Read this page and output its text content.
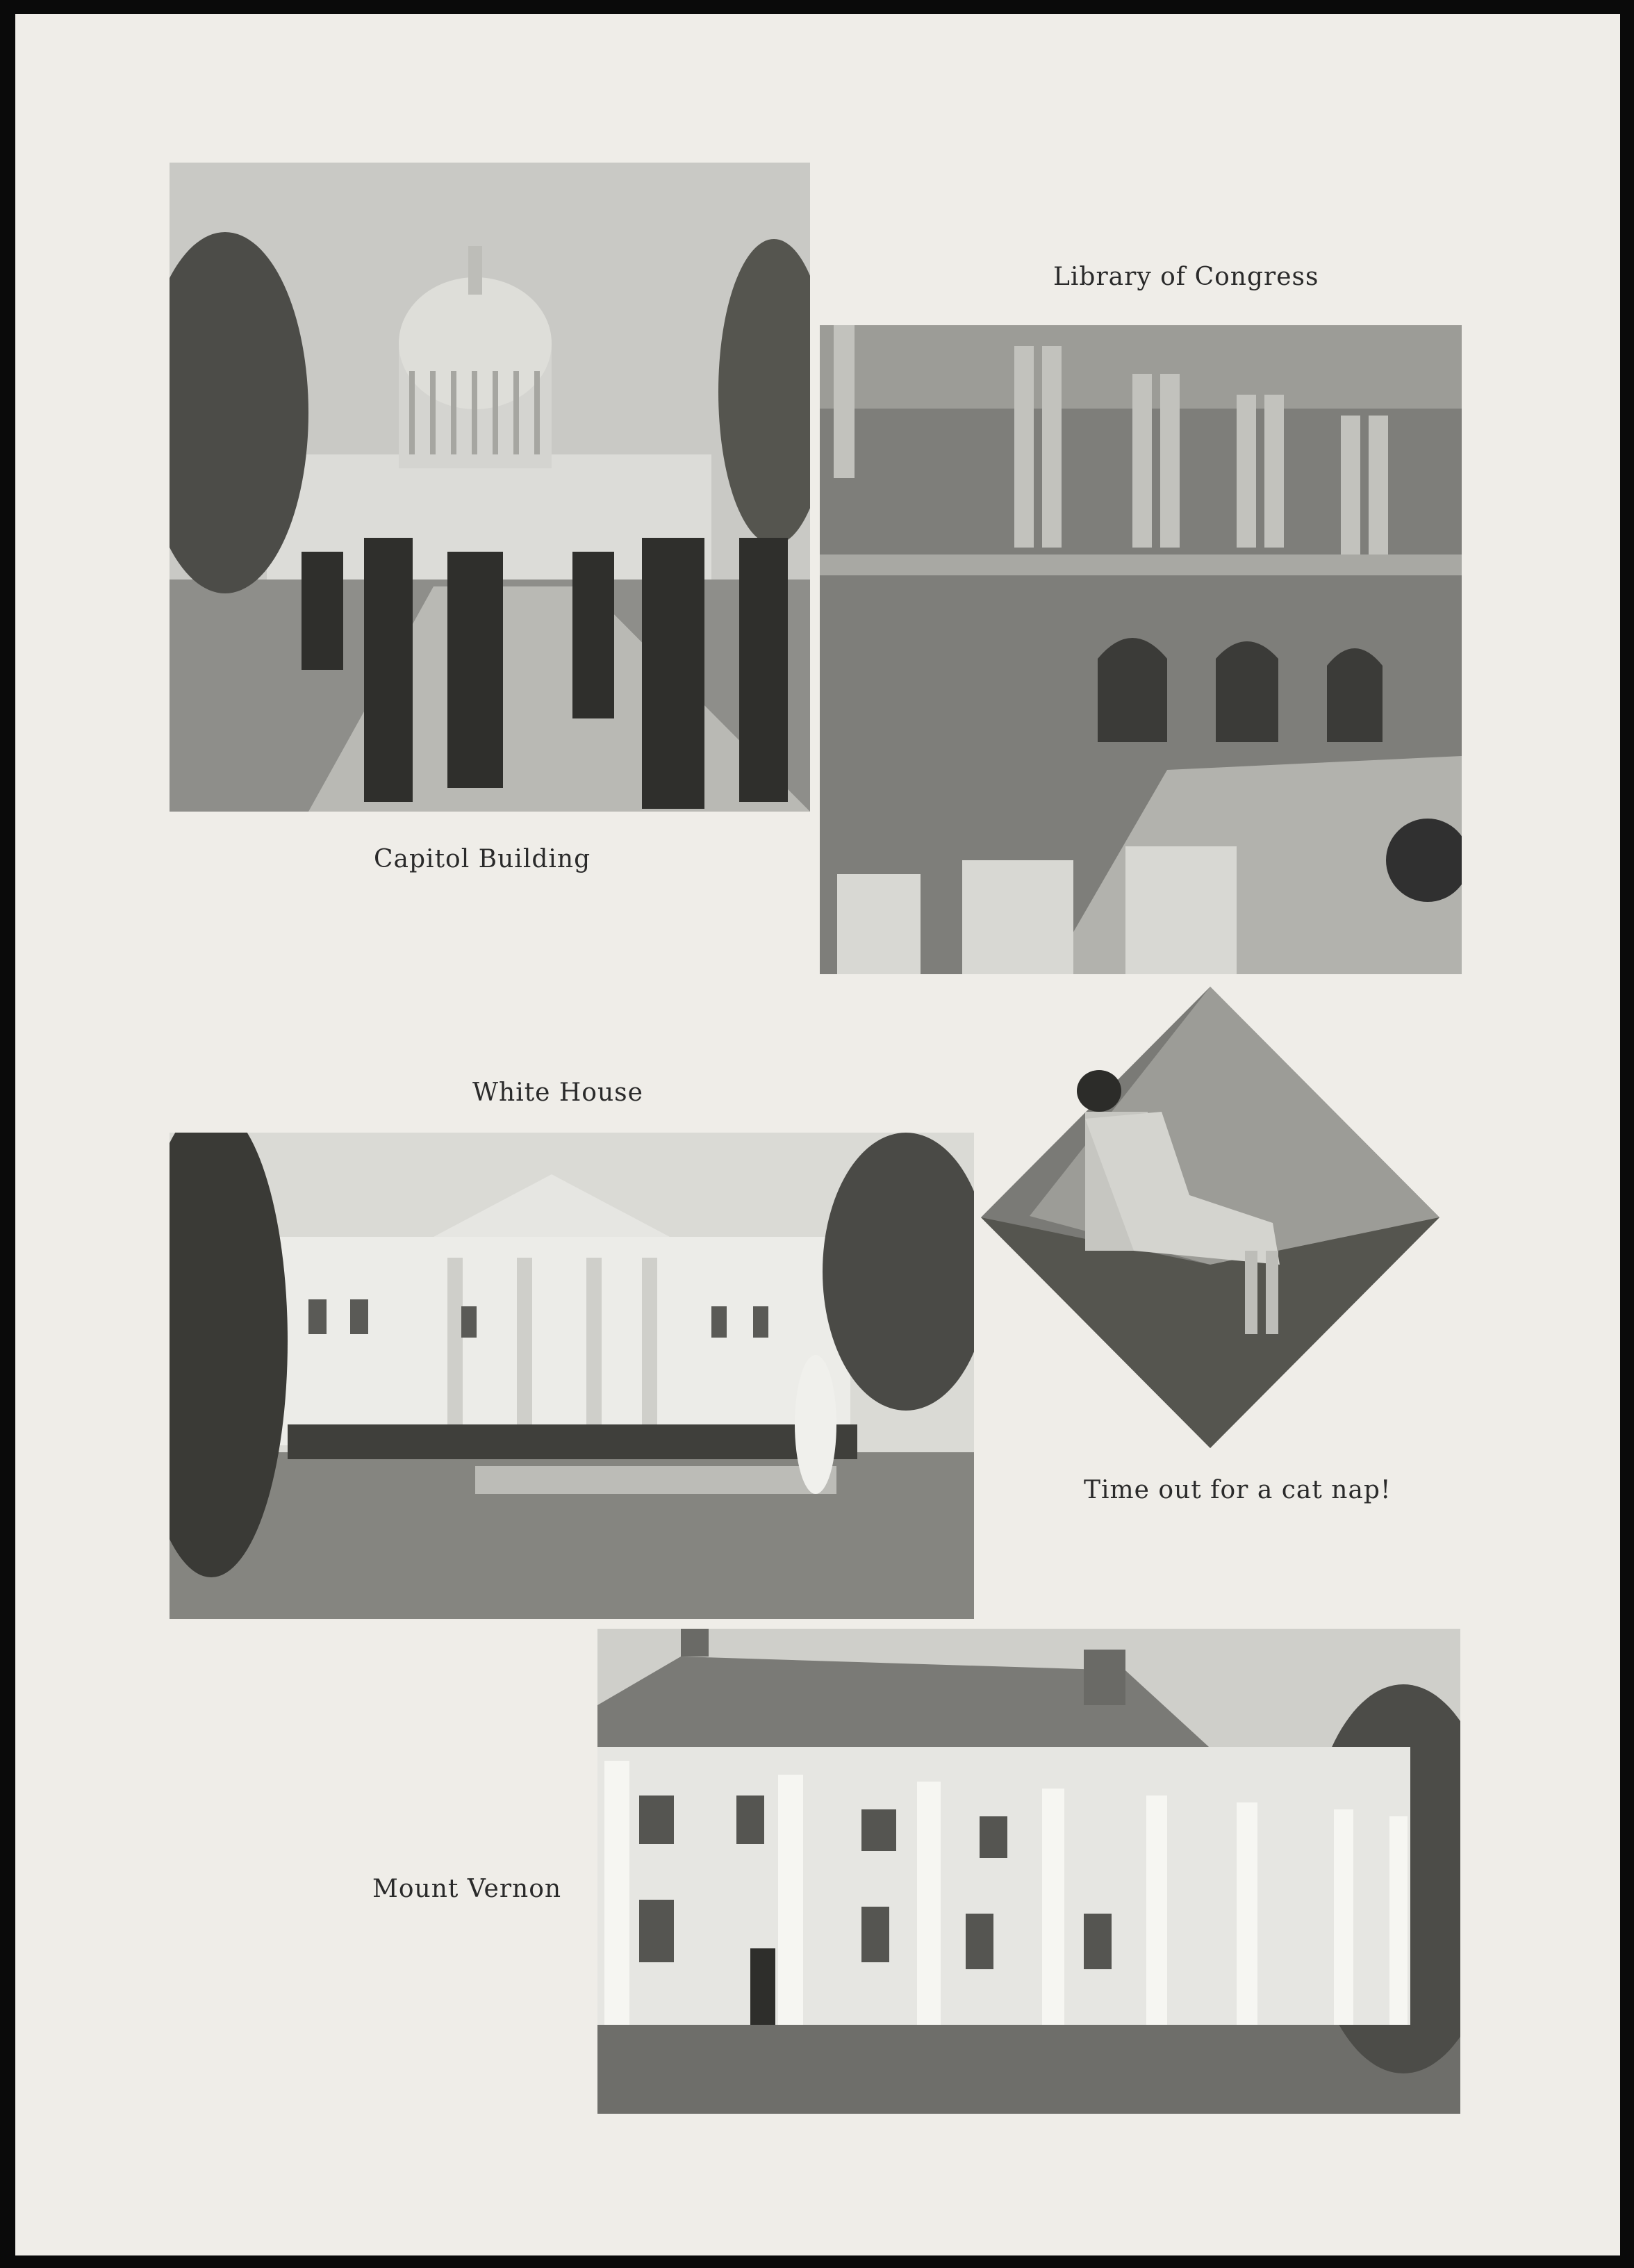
Library of Congress
Capitol Building
White House
Time out for a cat nap!
Mount Vernon
